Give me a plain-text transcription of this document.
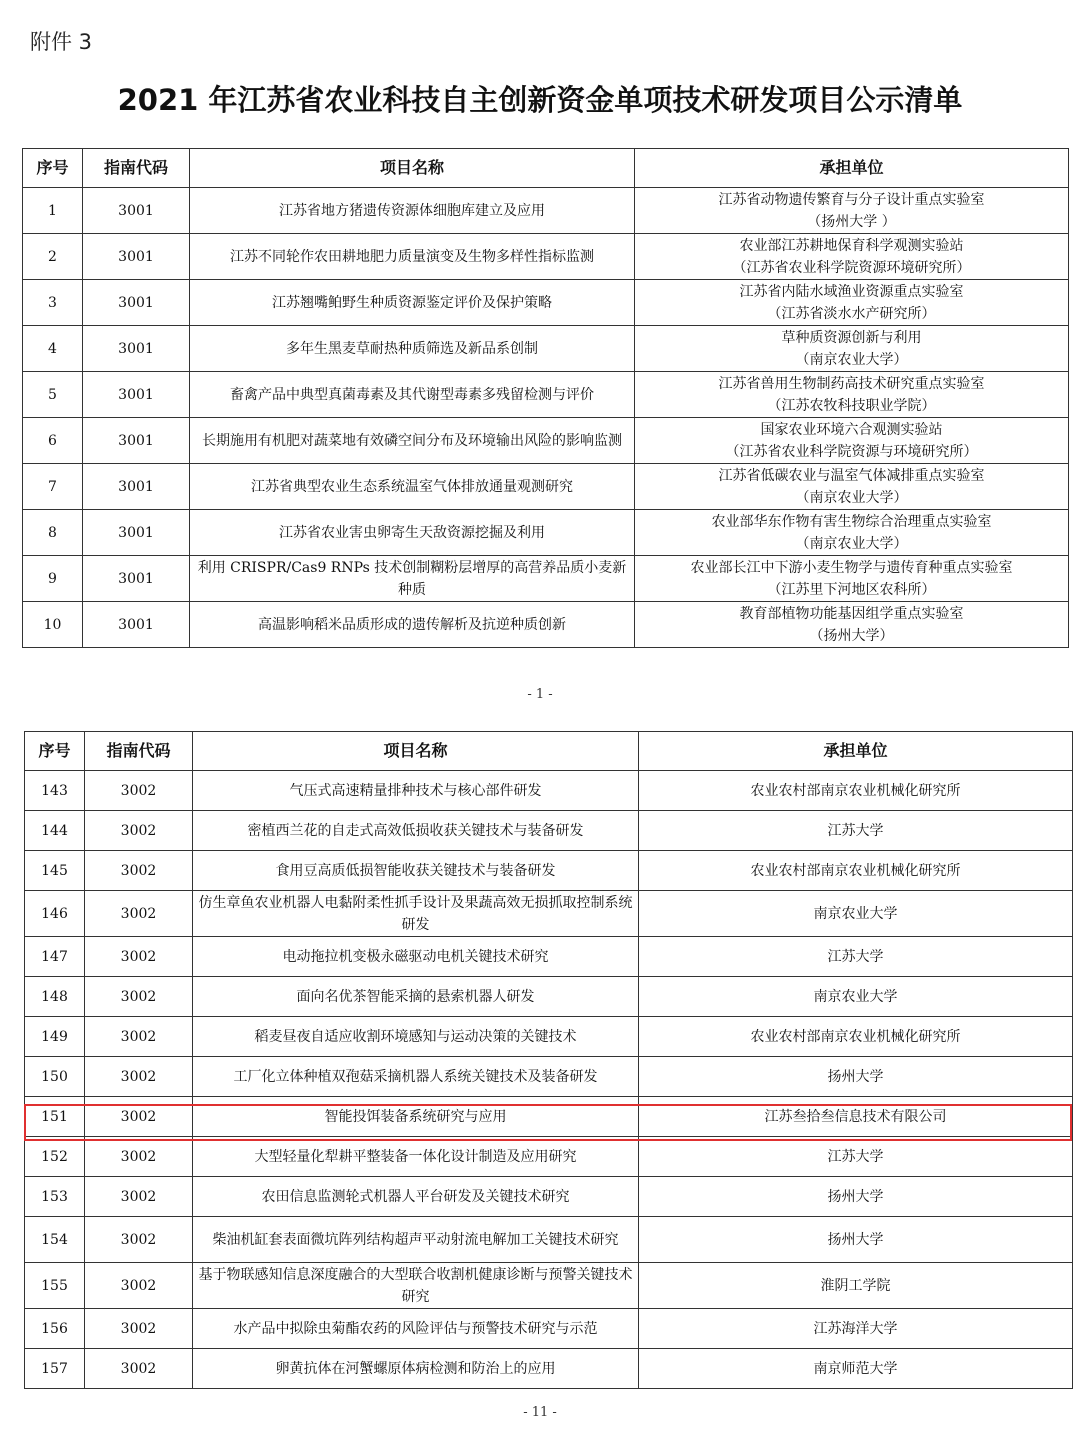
附件 3
2021 年江苏省农业科技自主创新资金单项技术研发项目公示清单
序号	指南代码	项目名称	承担单位
1	3001	江苏省地方猪遗传资源体细胞库建立及应用	江苏省动物遗传繁育与分子设计重点实验室
（扬州大学 ）

2	3001	江苏不同轮作农田耕地肥力质量演变及生物多样性指标监测	农业部江苏耕地保育科学观测实验站
（江苏省农业科学院资源环境研究所）

3	3001	江苏翘嘴鲌野生种质资源鉴定评价及保护策略	江苏省内陆水域渔业资源重点实验室
（江苏省淡水水产研究所）

4	3001	多年生黑麦草耐热种质筛选及新品系创制	草种质资源创新与利用
（南京农业大学）

5	3001	畜禽产品中典型真菌毒素及其代谢型毒素多残留检测与评价	江苏省兽用生物制药高技术研究重点实验室
（江苏农牧科技职业学院）

6	3001	长期施用有机肥对蔬菜地有效磷空间分布及环境输出风险的影响监测	国家农业环境六合观测实验站
（江苏省农业科学院资源与环境研究所）

7	3001	江苏省典型农业生态系统温室气体排放通量观测研究	江苏省低碳农业与温室气体减排重点实验室
（南京农业大学）

8	3001	江苏省农业害虫卵寄生天敌资源挖掘及利用	农业部华东作物有害生物综合治理重点实验室
（南京农业大学）

9	3001	利用 CRISPR/Cas9 RNPs 技术创制糊粉层增厚的高营养品质小麦新种质	农业部长江中下游小麦生物学与遗传育种重点实验室
（江苏里下河地区农科所）

10	3001	高温影响稻米品质形成的遗传解析及抗逆种质创新	教育部植物功能基因组学重点实验室
（扬州大学）
- 1 -
序号	指南代码	项目名称	承担单位
143	3002	气压式高速精量排种技术与核心部件研发	农业农村部南京农业机械化研究所
144	3002	密植西兰花的自走式高效低损收获关键技术与装备研发	江苏大学
145	3002	食用豆高质低损智能收获关键技术与装备研发	农业农村部南京农业机械化研究所
146	3002	仿生章鱼农业机器人电黏附柔性抓手设计及果蔬高效无损抓取控制系统研发	南京农业大学
147	3002	电动拖拉机变极永磁驱动电机关键技术研究	江苏大学
148	3002	面向名优茶智能采摘的悬索机器人研发	南京农业大学
149	3002	稻麦昼夜自适应收割环境感知与运动决策的关键技术	农业农村部南京农业机械化研究所
150	3002	工厂化立体种植双孢菇采摘机器人系统关键技术及装备研发	扬州大学
151	3002	智能投饵装备系统研究与应用	江苏叁拾叁信息技术有限公司
152	3002	大型轻量化犁耕平整装备一体化设计制造及应用研究	江苏大学
153	3002	农田信息监测轮式机器人平台研发及关键技术研究	扬州大学
154	3002	柴油机缸套表面微坑阵列结构超声平动射流电解加工关键技术研究	扬州大学
155	3002	基于物联感知信息深度融合的大型联合收割机健康诊断与预警关键技术研究	淮阴工学院
156	3002	水产品中拟除虫菊酯农药的风险评估与预警技术研究与示范	江苏海洋大学
157	3002	卵黄抗体在河蟹螺原体病检测和防治上的应用	南京师范大学
- 11 -
